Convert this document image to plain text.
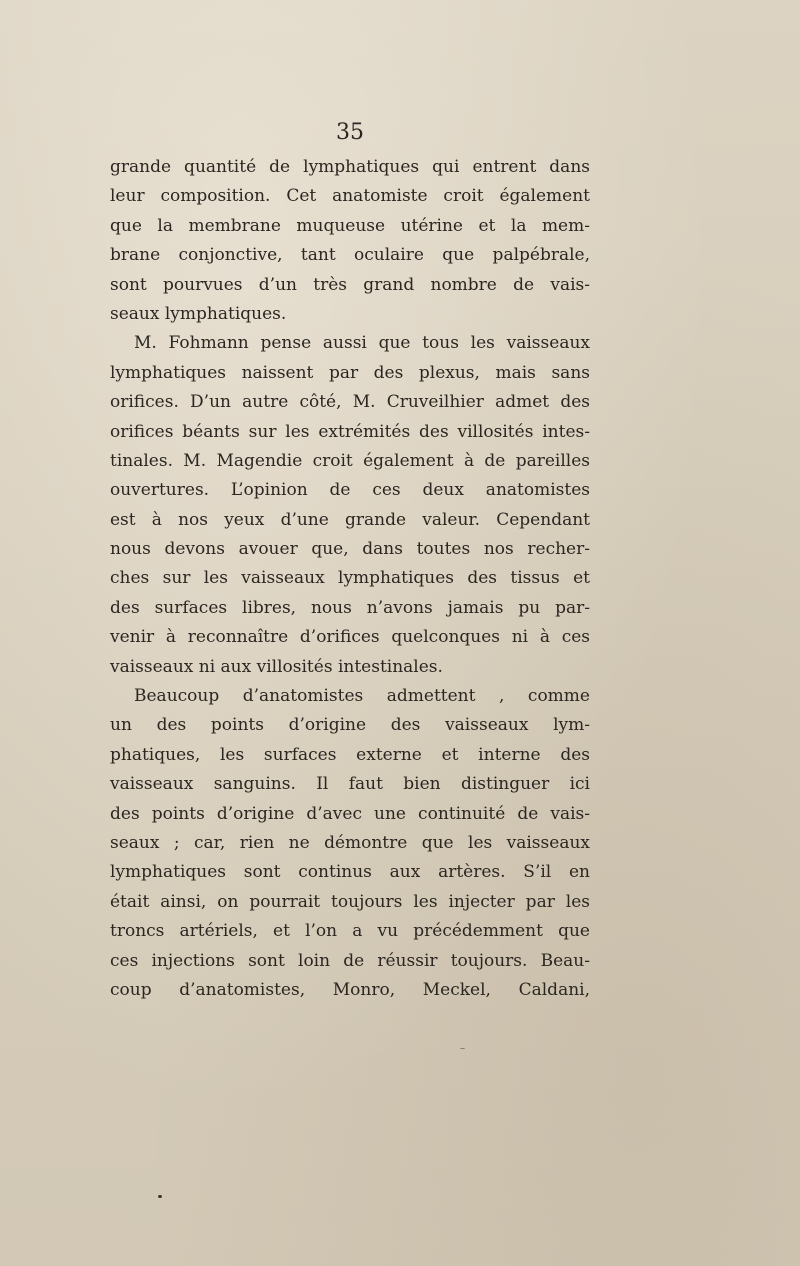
35
grande quantité de lymphatiques qui entrent dans
leur composition. Cet anatomiste croit également
que la membrane muqueuse utérine et la mem-
brane conjonctive, tant oculaire que palpébrale,
sont pourvues d’un très grand nombre de vais-
seaux lymphatiques.
M. Fohmann pense aussi que tous les vaisseaux
lymphatiques naissent par des plexus, mais sans
orifices. D’un autre côté, M. Cruveilhier admet des
orifices béants sur les extrémités des villosités intes-
tinales. M. Magendie croit également à de pareilles
ouvertures. L’opinion de ces deux anatomistes
est à nos yeux d’une grande valeur. Cependant
nous devons avouer que, dans toutes nos recher-
ches sur les vaisseaux lymphatiques des tissus et
des surfaces libres, nous n’avons jamais pu par-
venir à reconnaître d’orifices quelconques ni à ces
vaisseaux ni aux villosités intestinales.
Beaucoup d’anatomistes admettent , comme
un des points d’origine des vaisseaux lym-
phatiques, les surfaces externe et interne des
vaisseaux sanguins. Il faut bien distinguer ici
des points d’origine d’avec une continuité de vais-
seaux ; car, rien ne démontre que les vaisseaux
lymphatiques sont continus aux artères. S’il en
était ainsi, on pourrait toujours les injecter par les
troncs artériels, et l’on a vu précédemment que
ces injections sont loin de réussir toujours. Beau-
coup d’anatomistes, Monro, Meckel, Caldani,
